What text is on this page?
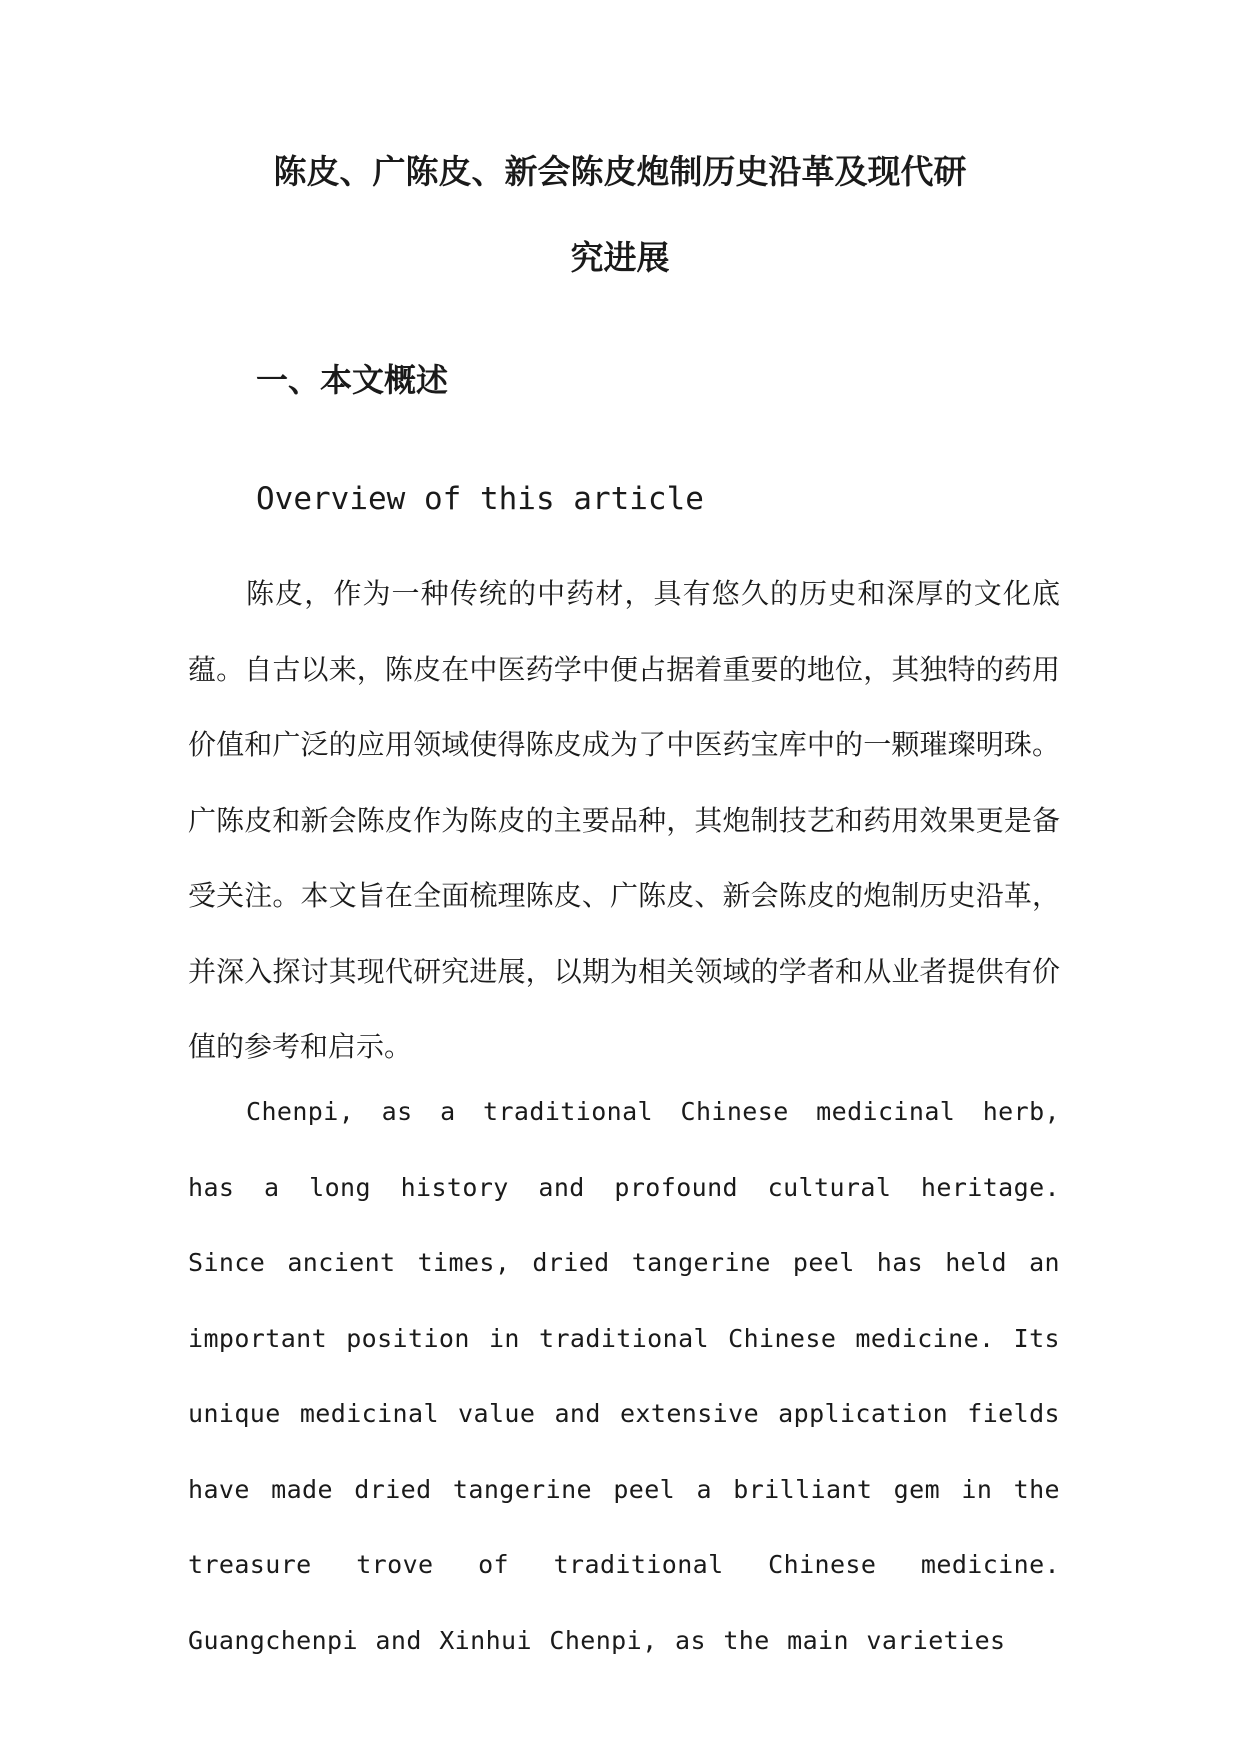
陈皮、广陈皮、新会陈皮炮制历史沿革及现代研
究进展
一、本文概述
Overview of this article

陈皮，作为一种传统的中药材，具有悠久的历史和深厚的文化底蕴。自古以来，陈皮在中医药学中便占据着重要的地位，其独特的药用价值和广泛的应用领域使得陈皮成为了中医药宝库中的一颗璀璨明珠。广陈皮和新会陈皮作为陈皮的主要品种，其炮制技艺和药用效果更是备受关注。本文旨在全面梳理陈皮、广陈皮、新会陈皮的炮制历史沿革，并深入探讨其现代研究进展，以期为相关领域的学者和从业者提供有价值的参考和启示。

Chenpi, as a traditional Chinese medicinal herb, has a long history and profound cultural heritage. Since ancient times, dried tangerine peel has held an important position in traditional Chinese medicine. Its unique medicinal value and extensive application fields have made dried tangerine peel a brilliant gem in the treasure trove of traditional Chinese medicine. Guangchenpi and Xinhui Chenpi, as the main varieties
